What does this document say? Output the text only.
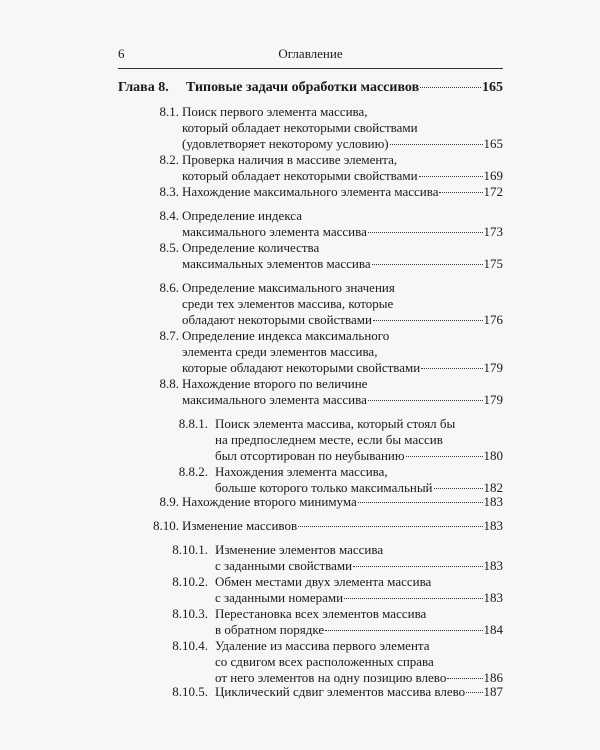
6	Оглавление
Глава 8. Типовые задачи обработки массивов	165
8.1. Поиск первого элемента массива,
который обладает некоторыми свойствами
(удовлетворяет некоторому условию)	165
8.2. Проверка наличия в массиве элемента,
который обладает некоторыми свойствами	169
8.3. Нахождение максимального элемента массива	172
8.4. Определение индекса
максимального элемента массива	173
8.5. Определение количества
максимальных элементов массива	175
8.6. Определение максимального значения
среди тех элементов массива, которые
обладают некоторыми свойствами	176
8.7. Определение индекса максимального
элемента среди элементов массива,
которые обладают некоторыми свойствами	179
8.8. Нахождение второго по величине
максимального элемента массива	179
8.8.1. Поиск элемента массива, который стоял бы
на предпоследнем месте, если бы массив
был отсортирован по неубыванию	180
8.8.2. Нахождения элемента массива,
больше которого только максимальный	182
8.9. Нахождение второго минимума	183
8.10. Изменение массивов	183
8.10.1. Изменение элементов массива
с заданными свойствами	183
8.10.2. Обмен местами двух элемента массива
с заданными номерами	183
8.10.3. Перестановка всех элементов массива
в обратном порядке	184
8.10.4. Удаление из массива первого элемента
со сдвигом всех расположенных справа
от него элементов на одну позицию влево	186
8.10.5. Циклический сдвиг элементов массива влево 187
